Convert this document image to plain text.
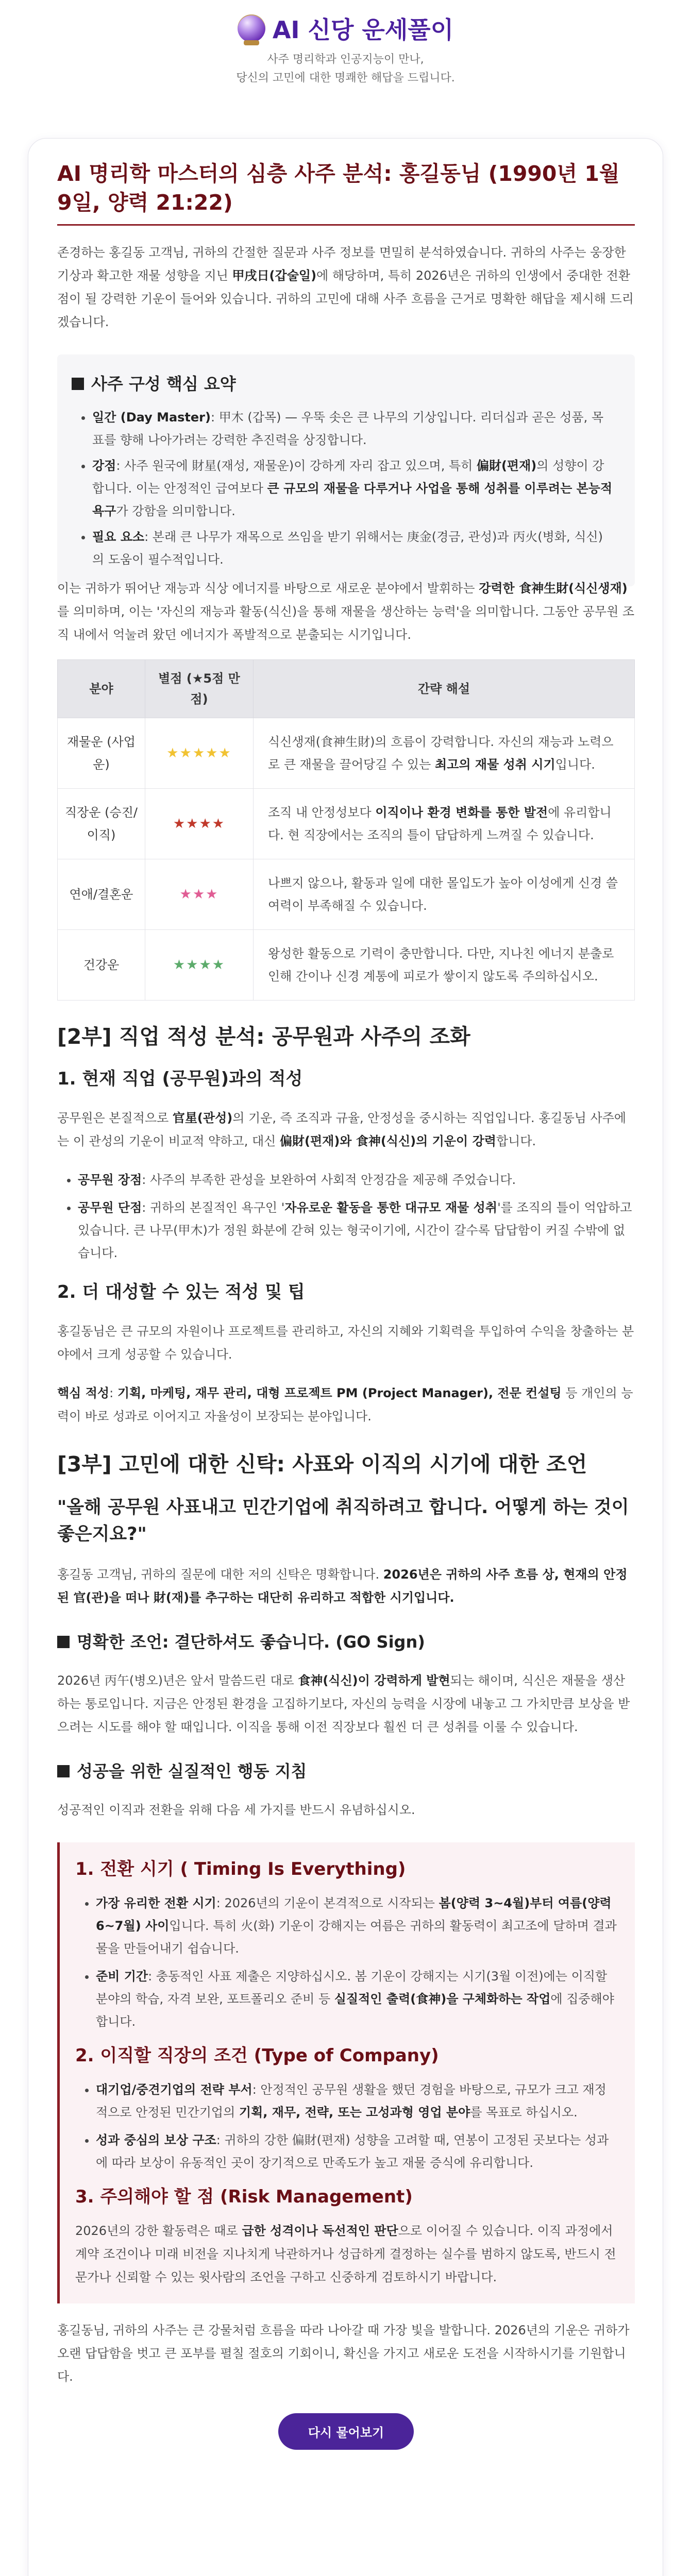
AI 신당 운세풀이
사주 명리학과 인공지능이 만나,
당신의 고민에 대한 명쾌한 해답을 드립니다.
AI 명리학 마스터의 심층 사주 분석: 홍길동님 (1990년 1월 9일, 양력 21:22)

존경하는 홍길동 고객님, 귀하의 간절한 질문과 사주 정보를 면밀히 분석하였습니다. 귀하의 사주는 웅장한 기상과 확고한 재물 성향을 지닌 甲戌日(갑술일)에 해당하며, 특히 2026년은 귀하의 인생에서 중대한 전환점이 될 강력한 기운이 들어와 있습니다. 귀하의 고민에 대해 사주 흐름을 근거로 명확한 해답을 제시해 드리겠습니다.

사주 구성 핵심 요약
• 일간 (Day Master): 甲木 (갑목) — 우뚝 솟은 큰 나무의 기상입니다. 리더십과 곧은 성품, 목표를 향해 나아가려는 강력한 추진력을 상징합니다.
• 강점: 사주 원국에 財星(재성, 재물운)이 강하게 자리 잡고 있으며, 특히 偏財(편재)의 성향이 강합니다. 이는 안정적인 급여보다 큰 규모의 재물을 다루거나 사업을 통해 성취를 이루려는 본능적 욕구가 강함을 의미합니다.
• 필요 요소: 본래 큰 나무가 재목으로 쓰임을 받기 위해서는 庚金(경금, 관성)과 丙火(병화, 식신)의 도움이 필수적입니다.

이는 귀하가 뛰어난 재능과 식상 에너지를 바탕으로 새로운 분야에서 발휘하는 강력한 食神生財(식신생재)를 의미하며, 이는 '자신의 재능과 활동(식신)을 통해 재물을 생산하는 능력'을 의미합니다. 그동안 공무원 조직 내에서 억눌려 왔던 에너지가 폭발적으로 분출되는 시기입니다.

분야	별점 (★5점 만점)	간략 해설
재물운 (사업운)	★★★★★	식신생재(食神生財)의 흐름이 강력합니다. 자신의 재능과 노력으로 큰 재물을 끌어당길 수 있는 최고의 재물 성취 시기입니다.
직장운 (승진/이직)	★★★★	조직 내 안정성보다 이직이나 환경 변화를 통한 발전에 유리합니다. 현 직장에서는 조직의 틀이 답답하게 느껴질 수 있습니다.
연애/결혼운	★★★	나쁘지 않으나, 활동과 일에 대한 몰입도가 높아 이성에게 신경 쓸 여력이 부족해질 수 있습니다.
건강운	★★★★	왕성한 활동으로 기력이 충만합니다. 다만, 지나친 에너지 분출로 인해 간이나 신경 계통에 피로가 쌓이지 않도록 주의하십시오.
[2부] 직업 적성 분석: 공무원과 사주의 조화
1. 현재 직업 (공무원)과의 적성

공무원은 본질적으로 官星(관성)의 기운, 즉 조직과 규율, 안정성을 중시하는 직업입니다. 홍길동님 사주에는 이 관성의 기운이 비교적 약하고, 대신 偏財(편재)와 食神(식신)의 기운이 강력합니다.

• 공무원 장점: 사주의 부족한 관성을 보완하여 사회적 안정감을 제공해 주었습니다.
• 공무원 단점: 귀하의 본질적인 욕구인 '자유로운 활동을 통한 대규모 재물 성취'를 조직의 틀이 억압하고 있습니다. 큰 나무(甲木)가 정원 화분에 갇혀 있는 형국이기에, 시간이 갈수록 답답함이 커질 수밖에 없습니다.
2. 더 대성할 수 있는 적성 및 팁

홍길동님은 큰 규모의 자원이나 프로젝트를 관리하고, 자신의 지혜와 기획력을 투입하여 수익을 창출하는 분야에서 크게 성공할 수 있습니다.

핵심 적성: 기획, 마케팅, 재무 관리, 대형 프로젝트 PM (Project Manager), 전문 컨설팅 등 개인의 능력이 바로 성과로 이어지고 자율성이 보장되는 분야입니다.

[3부] 고민에 대한 신탁: 사표와 이직의 시기에 대한 조언
"올해 공무원 사표내고 민간기업에 취직하려고 합니다. 어떻게 하는 것이 좋은지요?"

홍길동 고객님, 귀하의 질문에 대한 저의 신탁은 명확합니다. 2026년은 귀하의 사주 흐름 상, 현재의 안정된 官(관)을 떠나 財(재)를 추구하는 대단히 유리하고 적합한 시기입니다.

명확한 조언: 결단하셔도 좋습니다. (GO Sign)

2026년 丙午(병오)년은 앞서 말씀드린 대로 食神(식신)이 강력하게 발현되는 해이며, 식신은 재물을 생산하는 통로입니다. 지금은 안정된 환경을 고집하기보다, 자신의 능력을 시장에 내놓고 그 가치만큼 보상을 받으려는 시도를 해야 할 때입니다. 이직을 통해 이전 직장보다 훨씬 더 큰 성취를 이룰 수 있습니다.

성공을 위한 실질적인 행동 지침

성공적인 이직과 전환을 위해 다음 세 가지를 반드시 유념하십시오.

1. 전환 시기 ( Timing Is Everything)
• 가장 유리한 전환 시기: 2026년의 기운이 본격적으로 시작되는 봄(양력 3~4월)부터 여름(양력 6~7월) 사이입니다. 특히 火(화) 기운이 강해지는 여름은 귀하의 활동력이 최고조에 달하며 결과물을 만들어내기 쉽습니다.
• 준비 기간: 충동적인 사표 제출은 지양하십시오. 봄 기운이 강해지는 시기(3월 이전)에는 이직할 분야의 학습, 자격 보완, 포트폴리오 준비 등 실질적인 출력(食神)을 구체화하는 작업에 집중해야 합니다.
2. 이직할 직장의 조건 (Type of Company)
• 대기업/중견기업의 전략 부서: 안정적인 공무원 생활을 했던 경험을 바탕으로, 규모가 크고 재정적으로 안정된 민간기업의 기획, 재무, 전략, 또는 고성과형 영업 분야를 목표로 하십시오.
• 성과 중심의 보상 구조: 귀하의 강한 偏財(편재) 성향을 고려할 때, 연봉이 고정된 곳보다는 성과에 따라 보상이 유동적인 곳이 장기적으로 만족도가 높고 재물 증식에 유리합니다.
3. 주의해야 할 점 (Risk Management)

2026년의 강한 활동력은 때로 급한 성격이나 독선적인 판단으로 이어질 수 있습니다. 이직 과정에서 계약 조건이나 미래 비전을 지나치게 낙관하거나 성급하게 결정하는 실수를 범하지 않도록, 반드시 전문가나 신뢰할 수 있는 윗사람의 조언을 구하고 신중하게 검토하시기 바랍니다.

홍길동님, 귀하의 사주는 큰 강물처럼 흐름을 따라 나아갈 때 가장 빛을 발합니다. 2026년의 기운은 귀하가 오랜 답답함을 벗고 큰 포부를 펼칠 절호의 기회이니, 확신을 가지고 새로운 도전을 시작하시기를 기원합니다.

다시 물어보기
